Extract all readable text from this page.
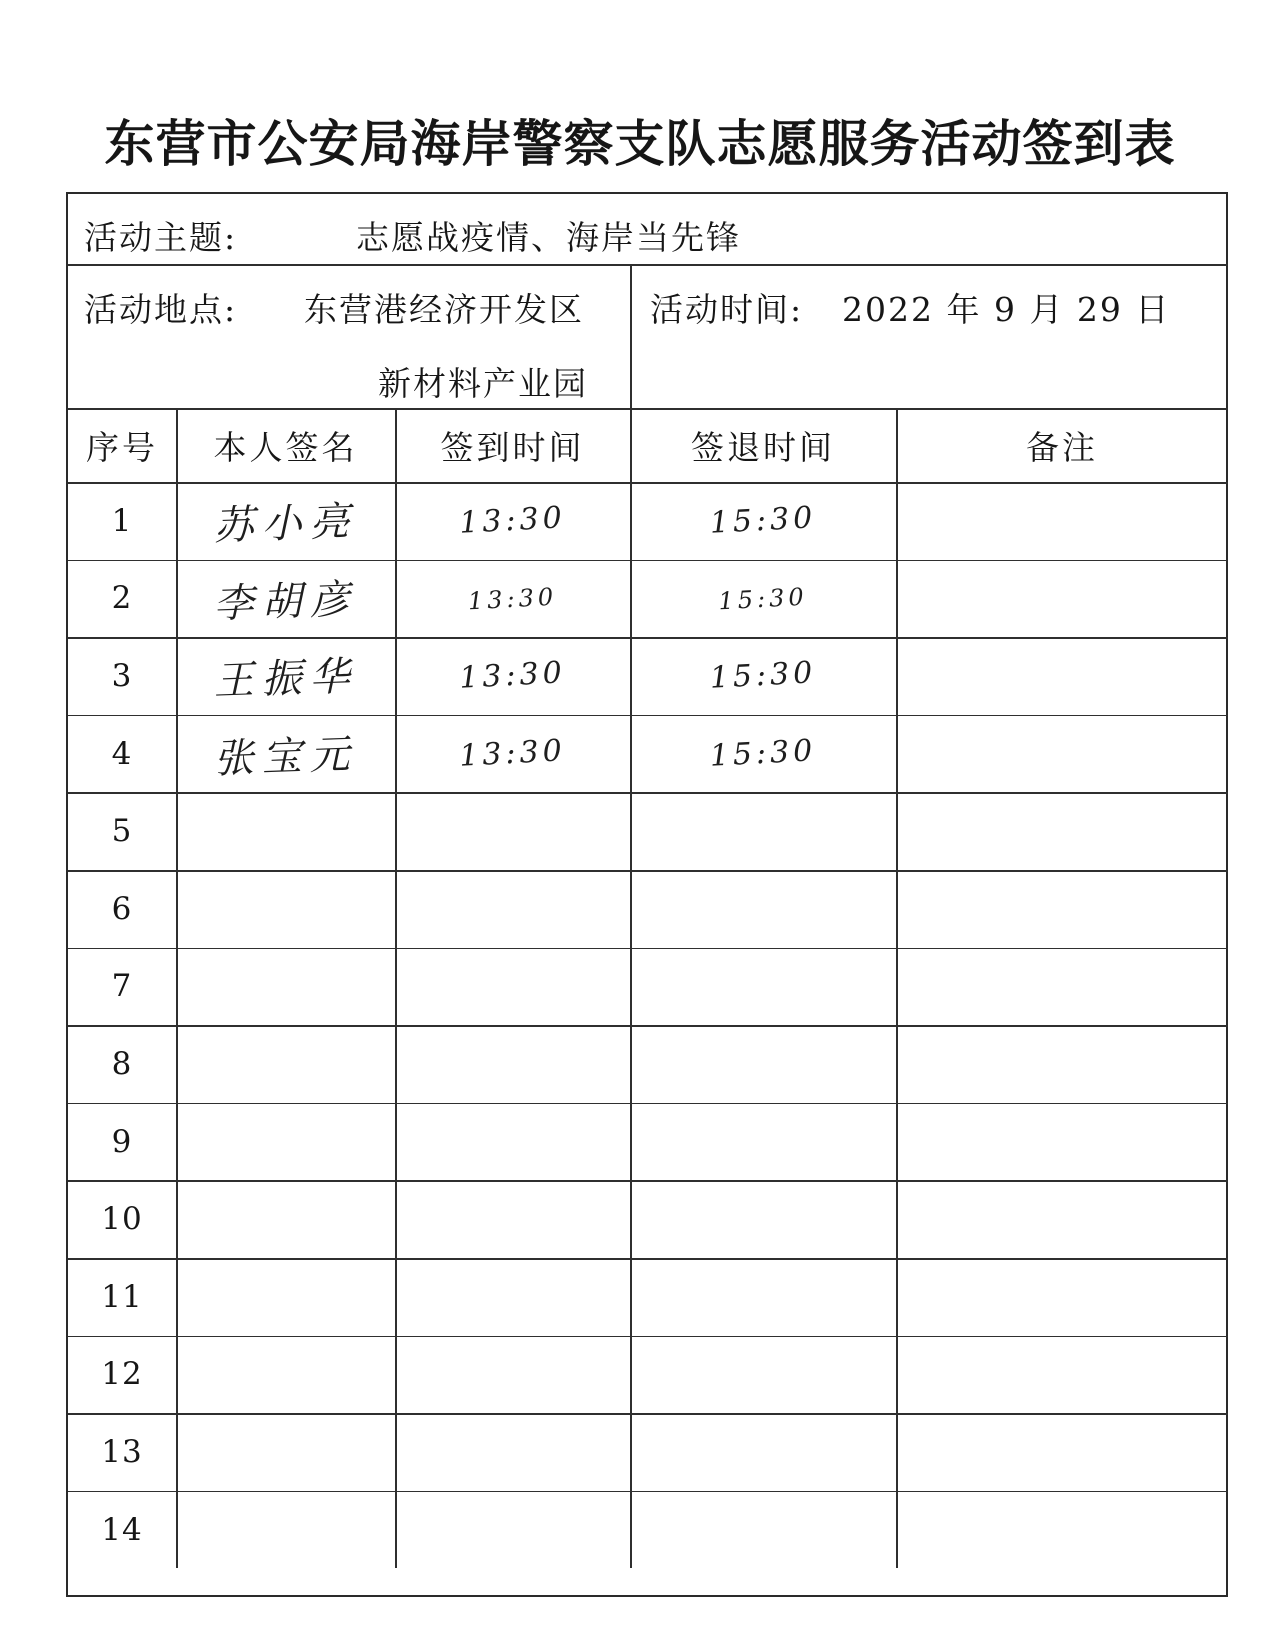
东营市公安局海岸警察支队志愿服务活动签到表
活动主题:	志愿战疫情、海岸当先锋
活动地点: 东营港经济开发区
新材料产业园
活动时间: 2022 年 9 月 29 日
序号	本人签名	签到时间	签退时间	备注
1	苏小亮	13:30	15:30
2	李胡彦	13:30	15:30
3	王振华	13:30	15:30
4	张宝元	13:30	15:30
5
6
7
8
9
10
11
12
13
14
